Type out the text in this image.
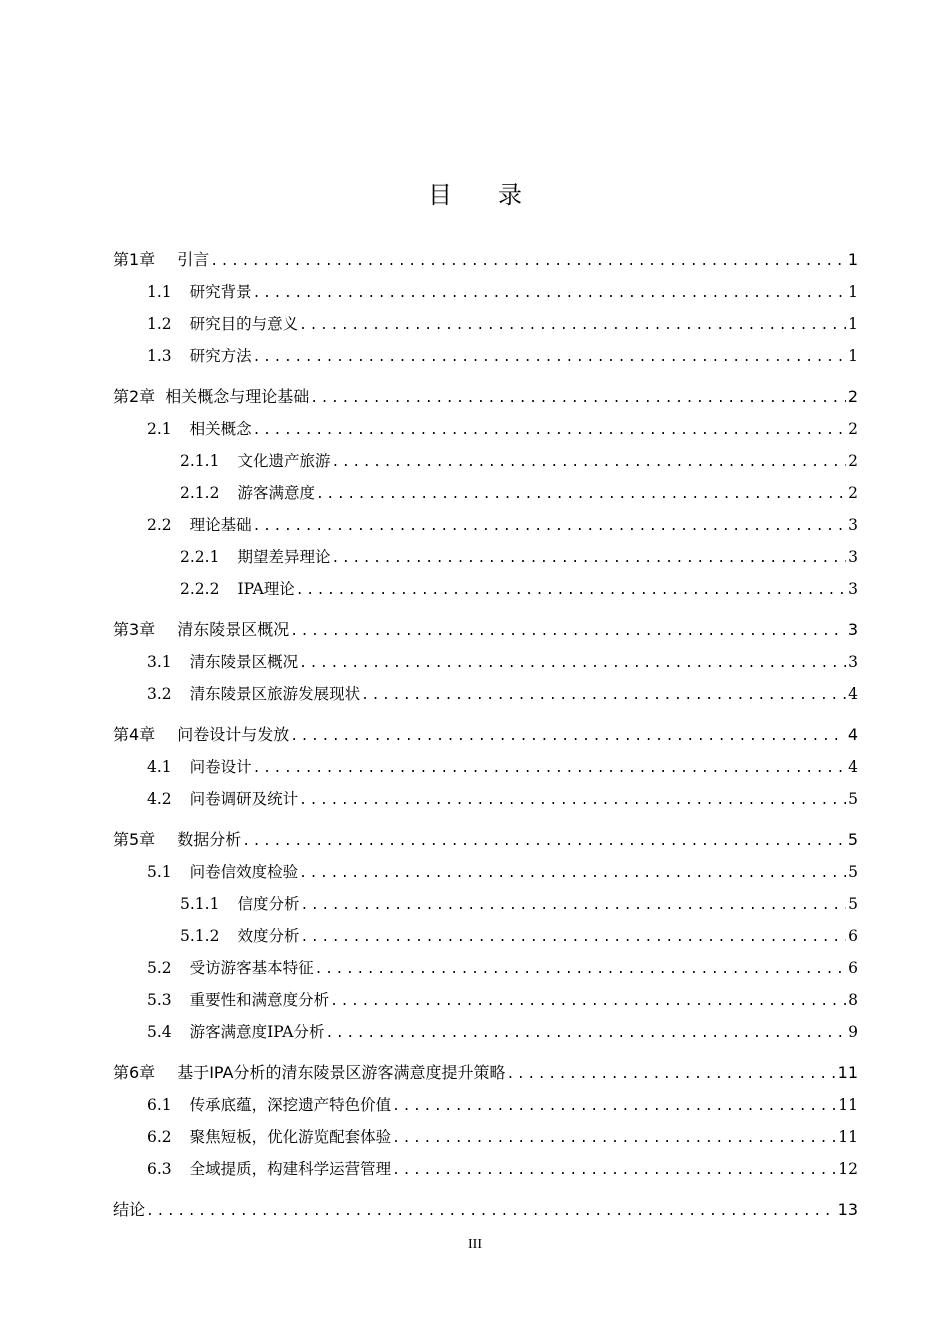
目录
第1章 引言 .....	1
1.1 研究背景 .....	1
1.2 研究目的与意义 .....	1
1.3 研究方法 .....	1
第2章 相关概念与理论基础 .....	2
2.1 相关概念 .....	2
2.1.1 文化遗产旅游 .....	2
2.1.2 游客满意度 .....	2
2.2 理论基础 .....	3
2.2.1 期望差异理论 .....	3
2.2.2 IPA理论 .....	3
第3章 清东陵景区概况 .....	3
3.1 清东陵景区概况 .....	3
3.2 清东陵景区旅游发展现状 .....	4
第4章 问卷设计与发放 .....	4
4.1 问卷设计 .....	4
4.2 问卷调研及统计 .....	5
第5章 数据分析 .....	5
5.1 问卷信效度检验 .....	5
5.1.1 信度分析 .....	5
5.1.2 效度分析 .....	6
5.2 受访游客基本特征 .....	6
5.3 重要性和满意度分析 .....	8
5.4 游客满意度IPA分析 .....	9
第6章 基于IPA分析的清东陵景区游客满意度提升策略 .....	11
6.1 传承底蕴，深挖遗产特色价值 .....	11
6.2 聚焦短板，优化游览配套体验 .....	11
6.3 全域提质，构建科学运营管理 .....	12
结论 .....	13
III
